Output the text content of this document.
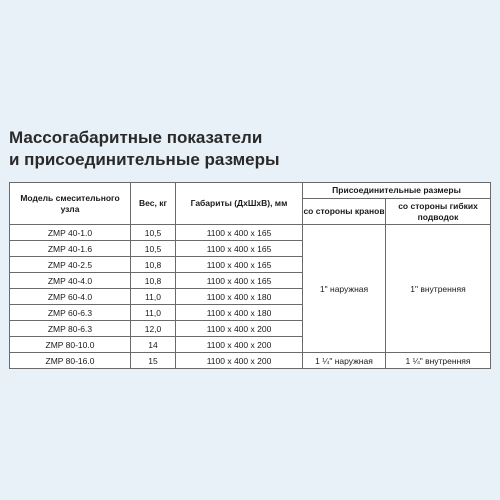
Массогабаритные показатели
и присоединительные размеры
Модель смесительного узла	Вес, кг	Габариты (ДхШхВ), мм	Присоединительные размеры	
			со стороны кранов	со стороны гибких подводок
ZMP 40-1.0	10,5	1100 х 400 х 165	1" наружная	1" внутренняя
ZMP 40-1.6	10,5	1100 х 400 х 165		
ZMP 40-2.5	10,8	1100 х 400 х 165		
ZMP 40-4.0	10,8	1100 х 400 х 165		
ZMP 60-4.0	11,0	1100 х 400 х 180		
ZMP 60-6.3	11,0	1100 х 400 х 180		
ZMP 80-6.3	12,0	1100 х 400 х 200		
ZMP 80-10.0	14	1100 х 400 х 200		
ZMP 80-16.0	15	1100 х 400 х 200	1 ¼" наружная	1 ¼" внутренняя
